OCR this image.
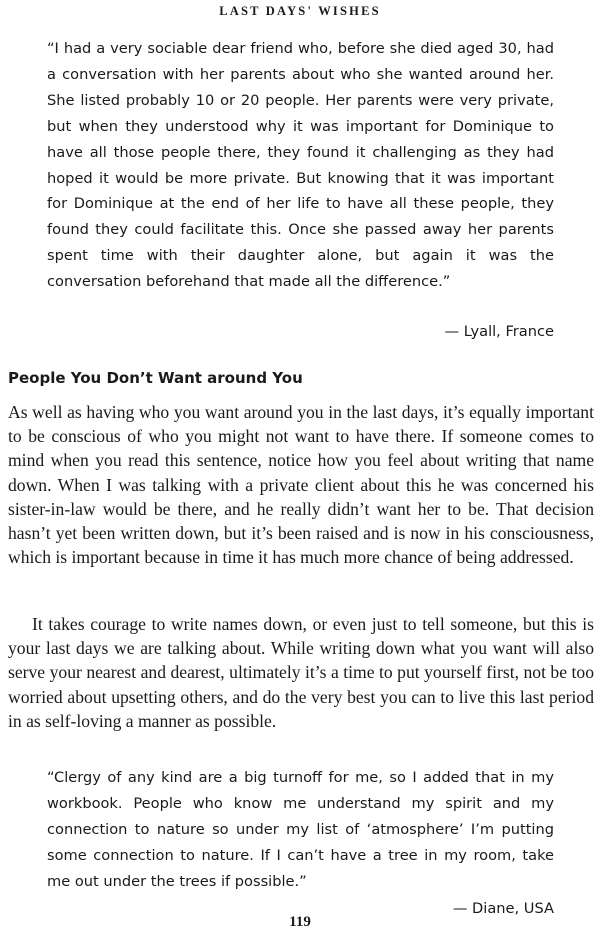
LAST DAYS' WISHES

“I had a very sociable dear friend who, before she died aged 30, had a conversation with her parents about who she wanted around her. She listed probably 10 or 20 people. Her parents were very private, but when they understood why it was important for Dominique to have all those people there, they found it challenging as they had hoped it would be more private. But knowing that it was important for Dominique at the end of her life to have all these people, they found they could facilitate this. Once she passed away her parents spent time with their daughter alone, but again it was the conversation beforehand that made all the difference.”

— Lyall, France
People You Don’t Want around You

As well as having who you want around you in the last days, it’s equally important to be conscious of who you might not want to have there. If someone comes to mind when you read this sentence, notice how you feel about writing that name down. When I was talking with a private client about this he was concerned his sister-in-law would be there, and he really didn’t want her to be. That decision hasn’t yet been written down, but it’s been raised and is now in his consciousness, which is important because in time it has much more chance of being addressed.

It takes courage to write names down, or even just to tell someone, but this is your last days we are talking about. While writing down what you want will also serve your nearest and dearest, ultimately it’s a time to put yourself first, not be too worried about upsetting others, and do the very best you can to live this last period in as self-loving a manner as possible.

“Clergy of any kind are a big turnoff for me, so I added that in my workbook. People who know me understand my spirit and my connection to nature so under my list of ‘atmosphere’ I’m putting some connection to nature. If I can’t have a tree in my room, take me out under the trees if possible.”

— Diane, USA
119
